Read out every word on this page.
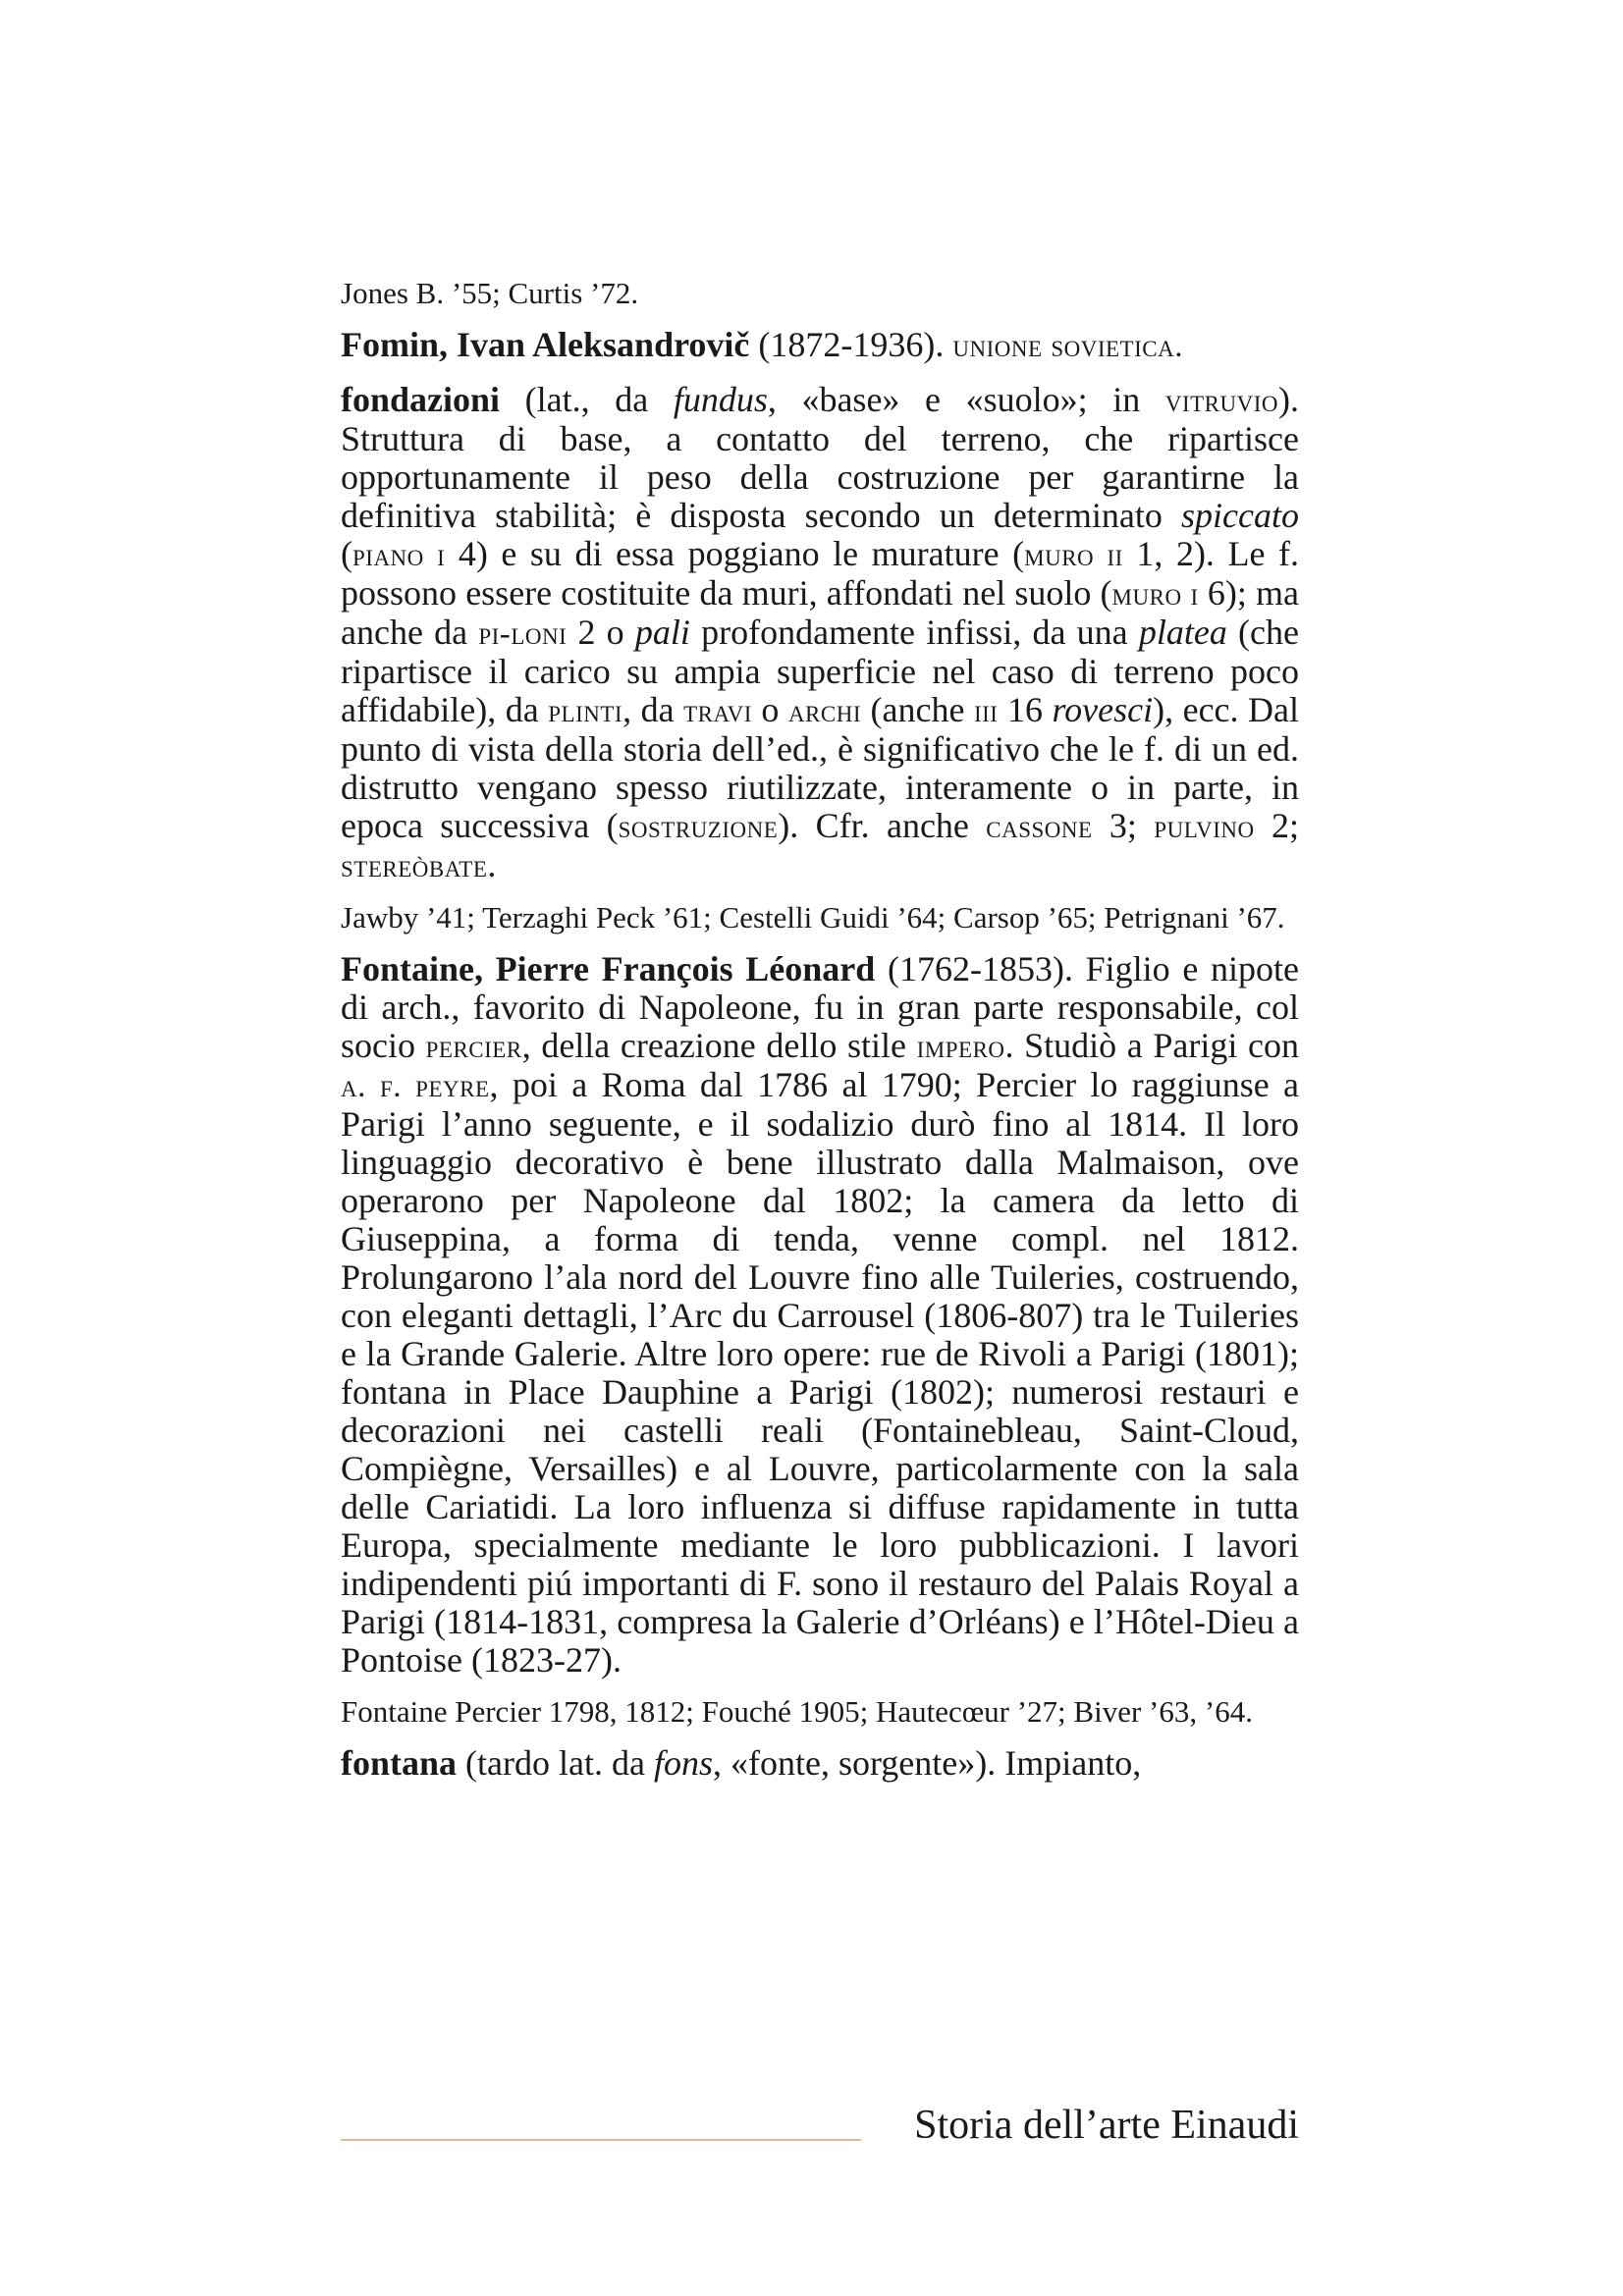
Jones B. ’55; Curtis ’72.

Fomin, Ivan Aleksandrovič (1872-1936). unione sovietica.

fondazioni (lat., da fundus, «base» e «suolo»; in vitruvio). Struttura di base, a contatto del terreno, che ripartisce opportunamente il peso della costruzione per garantirne la definitiva stabilità; è disposta secondo un determinato spiccato (piano i 4) e su di essa poggiano le murature (muro ii 1, 2). Le f. possono essere costituite da muri, affondati nel suolo (muro i 6); ma anche da pi-loni 2 o pali profondamente infissi, da una platea (che ripartisce il carico su ampia superficie nel caso di terreno poco affidabile), da plinti, da travi o archi (anche iii 16 rovesci), ecc. Dal punto di vista della storia dell’ed., è significativo che le f. di un ed. distrutto vengano spesso riutilizzate, interamente o in parte, in epoca successiva (sostruzione). Cfr. anche cassone 3; pulvino 2; stereòbate.

Jawby ’41; Terzaghi Peck ’61; Cestelli Guidi ’64; Carsop ’65; Petrignani ’67.

Fontaine, Pierre François Léonard (1762-1853). Figlio e nipote di arch., favorito di Napoleone, fu in gran parte responsabile, col socio percier, della creazione dello stile impero. Studiò a Parigi con a. f. peyre, poi a Roma dal 1786 al 1790; Percier lo raggiunse a Parigi l’anno seguente, e il sodalizio durò fino al 1814. Il loro linguaggio decorativo è bene illustrato dalla Malmaison, ove operarono per Napoleone dal 1802; la camera da letto di Giuseppina, a forma di tenda, venne compl. nel 1812. Prolungarono l’ala nord del Louvre fino alle Tuileries, costruendo, con eleganti dettagli, l’Arc du Carrousel (1806-807) tra le Tuileries e la Grande Galerie. Altre loro opere: rue de Rivoli a Parigi (1801); fontana in Place Dauphine a Parigi (1802); numerosi restauri e decorazioni nei castelli reali (Fontainebleau, Saint-Cloud, Compiègne, Versailles) e al Louvre, particolarmente con la sala delle Cariatidi. La loro influenza si diffuse rapidamente in tutta Europa, specialmente mediante le loro pubblicazioni. I lavori indipendenti piú importanti di F. sono il restauro del Palais Royal a Parigi (1814-1831, compresa la Galerie d’Orléans) e l’Hôtel-Dieu a Pontoise (1823-27).

Fontaine Percier 1798, 1812; Fouché 1905; Hautecœur ’27; Biver ’63, ’64.

fontana (tardo lat. da fons, «fonte, sorgente»). Impianto,

Storia dell’arte Einaudi
